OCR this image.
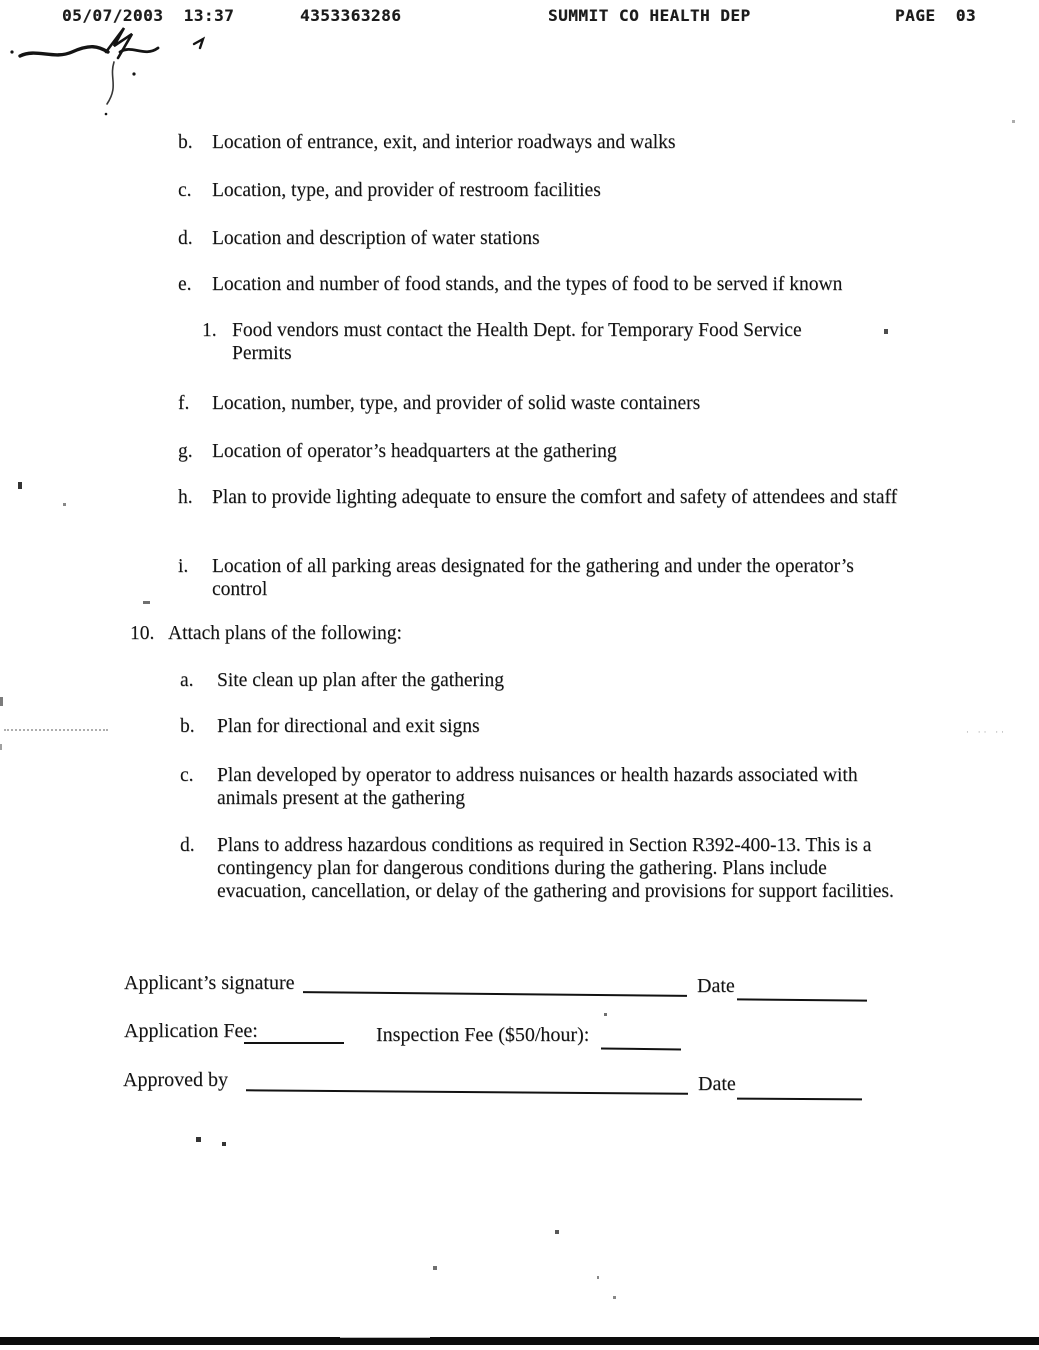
05/07/2003  13:37	4353363286	SUMMIT CO HEALTH DEP	PAGE  03
b. Location of entrance, exit, and interior roadways and walks
c. Location, type, and provider of restroom facilities
d. Location and description of water stations
e. Location and number of food stands, and the types of food to be served if known
1. Food vendors must contact the Health Dept. for Temporary Food Service Permits
f. Location, number, type, and provider of solid waste containers
g. Location of operator’s headquarters at the gathering
h. Plan to provide lighting adequate to ensure the comfort and safety of attendees and staff
i. Location of all parking areas designated for the gathering and under the operator’s control
10. Attach plans of the following:
a. Site clean up plan after the gathering
b. Plan for directional and exit signs
c. Plan developed by operator to address nuisances or health hazards associated with animals present at the gathering
d. Plans to address hazardous conditions as required in Section R392-400-13. This is a contingency plan for dangerous conditions during the gathering. Plans include evacuation, cancellation, or delay of the gathering and provisions for support facilities.
Applicant’s signature	Date
Application Fee:	Inspection Fee ($50/hour):
Approved by	Date
· ·· ··
